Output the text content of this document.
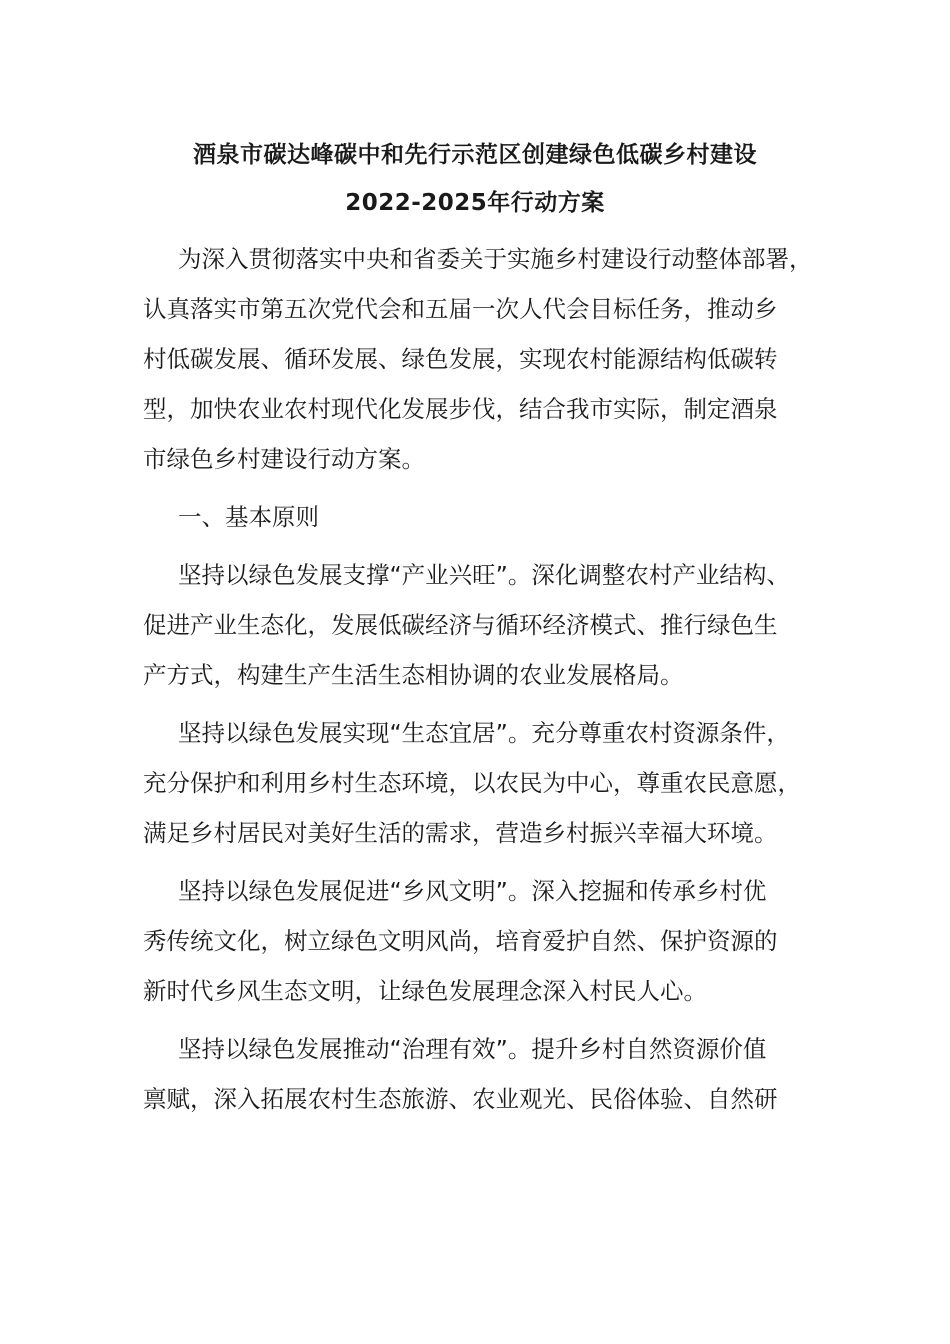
酒泉市碳达峰碳中和先行示范区创建绿色低碳乡村建设
2022-2025年行动方案
为深入贯彻落实中央和省委关于实施乡村建设行动整体部署，
认真落实市第五次党代会和五届一次人代会目标任务，推动乡
村低碳发展、循环发展、绿色发展，实现农村能源结构低碳转
型，加快农业农村现代化发展步伐，结合我市实际，制定酒泉
市绿色乡村建设行动方案。
一、基本原则
坚持以绿色发展支撑“产业兴旺”。深化调整农村产业结构、
促进产业生态化，发展低碳经济与循环经济模式、推行绿色生
产方式，构建生产生活生态相协调的农业发展格局。
坚持以绿色发展实现“生态宜居”。充分尊重农村资源条件，
充分保护和利用乡村生态环境，以农民为中心，尊重农民意愿，
满足乡村居民对美好生活的需求，营造乡村振兴幸福大环境。
坚持以绿色发展促进“乡风文明”。深入挖掘和传承乡村优
秀传统文化，树立绿色文明风尚，培育爱护自然、保护资源的
新时代乡风生态文明，让绿色发展理念深入村民人心。
坚持以绿色发展推动“治理有效”。提升乡村自然资源价值
禀赋，深入拓展农村生态旅游、农业观光、民俗体验、自然研
